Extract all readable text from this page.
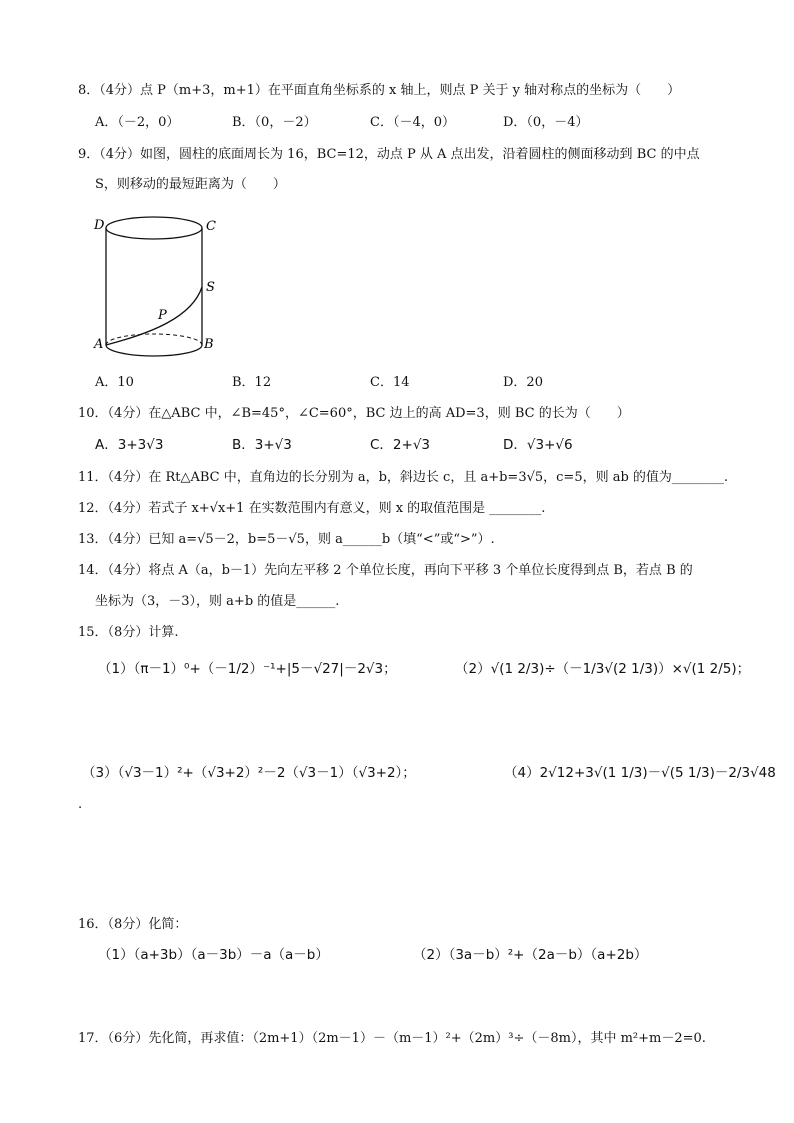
8．（4分）点 P（m+3，m+1）在平面直角坐标系的 x 轴上，则点 P 关于 y 轴对称点的坐标为（　　）
A．（－2，0）	B．（0，－2）	C．（－4，0）	D．（0，－4）
9．（4分）如图，圆柱的底面周长为 16，BC=12，动点 P 从 A 点出发，沿着圆柱的侧面移动到 BC 的中点
S，则移动的最短距离为（　　）
D	C
S
P
A	B
A．10	B．12	C．14	D．20
10．（4分）在△ABC 中，∠B=45°，∠C=60°，BC 边上的高 AD=3，则 BC 的长为（　　）
A．3+3√3	B．3+√3	C．2+√3	D．√3+√6
11．（4分）在 Rt△ABC 中，直角边的长分别为 a，b，斜边长 c，且 a+b=3√5，c=5，则 ab 的值为________.
12．（4分）若式子 x+√x+1 在实数范围内有意义，则 x 的取值范围是 ________.
13．（4分）已知 a=√5－2，b=5－√5，则 a______b（填“<”或“>”）.
14．（4分）将点 A（a，b－1）先向左平移 2 个单位长度，再向下平移 3 个单位长度得到点 B，若点 B 的
坐标为（3，－3），则 a+b 的值是______.
15．（8分）计算.
（1）（π－1）⁰+（－1/2）⁻¹+|5－√27|－2√3；	（2）√(1 2/3)÷（－1/3√(2 1/3)）×√(1 2/5)；
（3）（√3－1）²+（√3+2）²－2（√3－1）（√3+2）；	（4）2√12+3√(1 1/3)－√(5 1/3)－2/3√48
.
16．（8分）化简：
（1）（a+3b）（a－3b）－a（a－b）	（2）（3a－b）²+（2a－b）（a+2b）
17．（6分）先化简，再求值：（2m+1）（2m－1）－（m－1）²+（2m）³÷（－8m），其中 m²+m－2=0.
